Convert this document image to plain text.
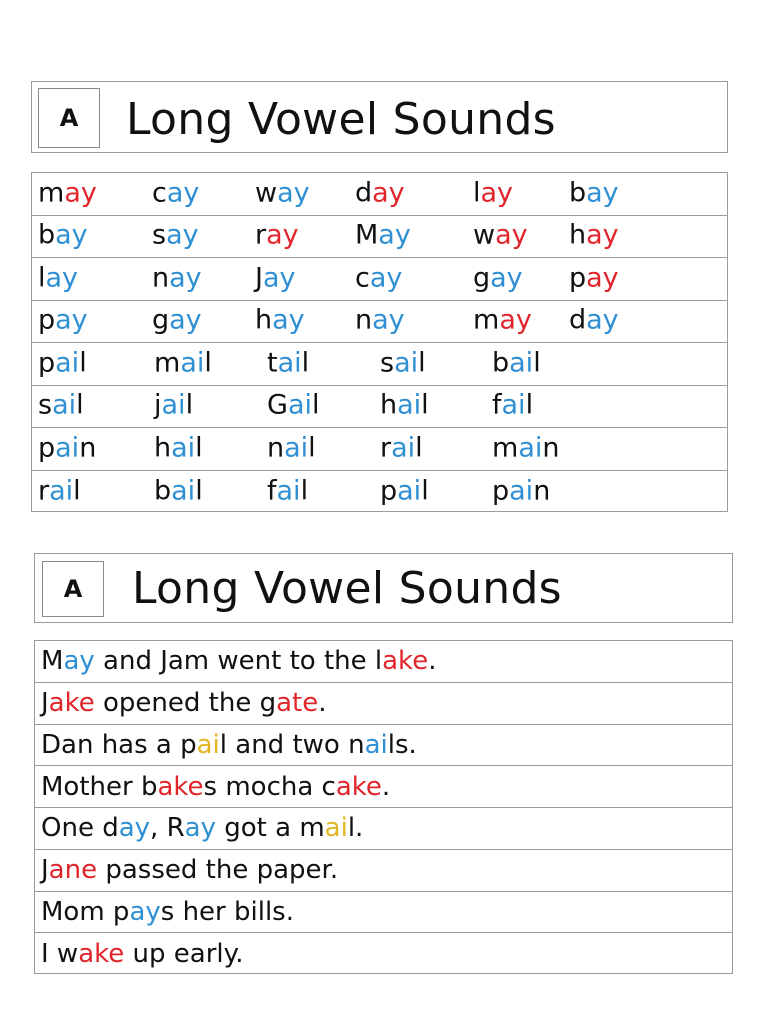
A	Long Vowel Sounds
may cay way day	lay bay
bay say ray May way hay
lay	nay Jay cay	gay pay
pay gay hay nay	may day
pail mail tail	sail bail
sail	jail	Gail hail fail
pain hail nail rail	main
rail	bail fail	pail pain
A	Long Vowel Sounds
M ay and Jam went to the l ake .
J ake opened the g ate .
Dan has a p ai l and two n ai ls.
Mother b ake s mocha c ake .
One d ay , R ay got a m ai l.
J ane passed the paper.
Mom p ay s her bills.
I w ake up early.
